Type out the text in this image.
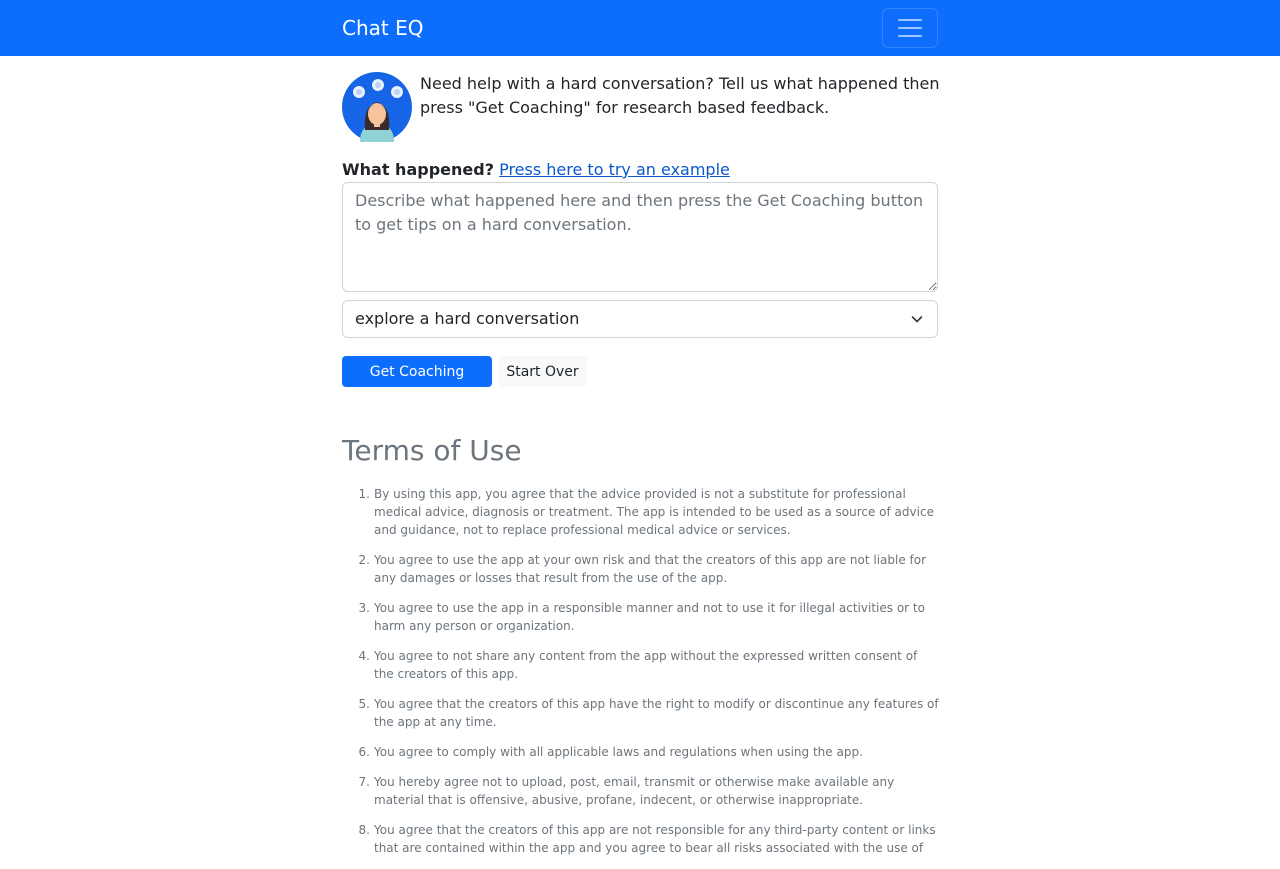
Chat EQ
Need help with a hard conversation? Tell us what happened then press "Get Coaching" for research based feedback.
What happened? Press here to try an example
Describe what happened here and then press the Get Coaching button to get tips on a hard conversation.
explore a hard conversation
Get Coaching	Start Over
Terms of Use
1. By using this app, you agree that the advice provided is not a substitute for professional medical advice, diagnosis or treatment. The app is intended to be used as a source of advice and guidance, not to replace professional medical advice or services.
2. You agree to use the app at your own risk and that the creators of this app are not liable for any damages or losses that result from the use of the app.
3. You agree to use the app in a responsible manner and not to use it for illegal activities or to harm any person or organization.
4. You agree to not share any content from the app without the expressed written consent of the creators of this app.
5. You agree that the creators of this app have the right to modify or discontinue any features of the app at any time.
6. You agree to comply with all applicable laws and regulations when using the app.
7. You hereby agree not to upload, post, email, transmit or otherwise make available any material that is offensive, abusive, profane, indecent, or otherwise inappropriate.
8. You agree that the creators of this app are not responsible for any third-party content or links that are contained within the app and you agree to bear all risks associated with the use of
